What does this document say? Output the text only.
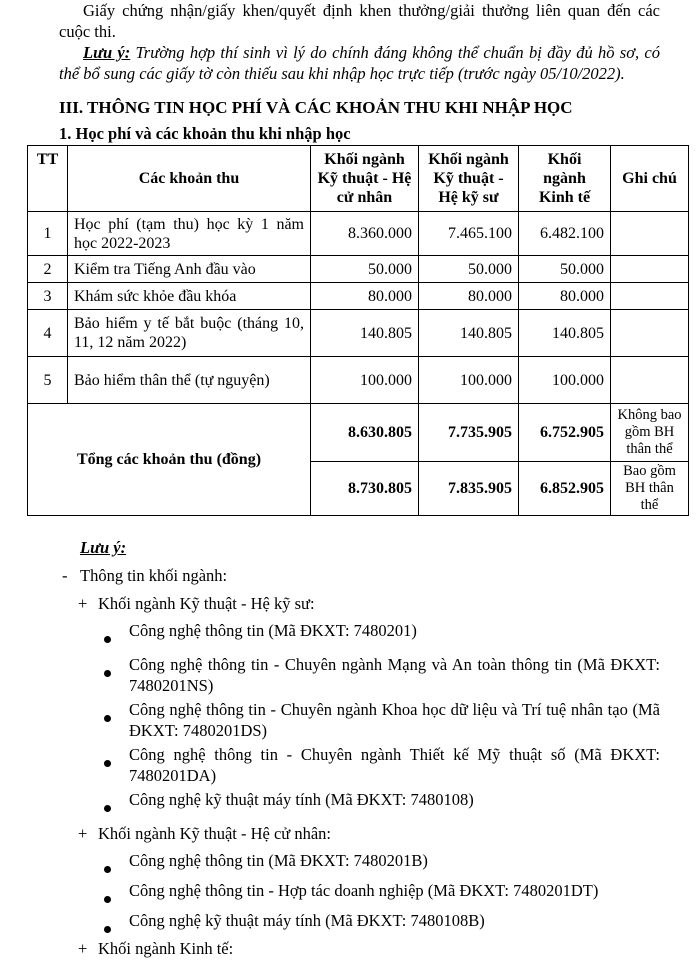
Giấy chứng nhận/giấy khen/quyết định khen thưởng/giải thưởng liên quan đến các cuộc thi.
Lưu ý: Trường hợp thí sinh vì lý do chính đáng không thể chuẩn bị đầy đủ hồ sơ, có thể bổ sung các giấy tờ còn thiếu sau khi nhập học trực tiếp (trước ngày 05/10/2022).
III. THÔNG TIN HỌC PHÍ VÀ CÁC KHOẢN THU KHI NHẬP HỌC
1. Học phí và các khoản thu khi nhập học
TT	Các khoản thu	Khối ngành Kỹ thuật - Hệ cử nhân	Khối ngành Kỹ thuật - Hệ kỹ sư	Khối ngành Kinh tế	Ghi chú
1	Học phí (tạm thu) học kỳ 1 năm học 2022-2023	8.360.000	7.465.100	6.482.100	
2	Kiểm tra Tiếng Anh đầu vào	50.000	50.000	50.000	
3	Khám sức khỏe đầu khóa	80.000	80.000	80.000	
4	Bảo hiểm y tế bắt buộc (tháng 10, 11, 12 năm 2022)	140.805	140.805	140.805	
5	Bảo hiểm thân thể (tự nguyện)	100.000	100.000	100.000	
Tổng các khoản thu (đồng)		8.630.805	7.735.905	6.752.905	Không bao gồm BH thân thể
		8.730.805	7.835.905	6.852.905	Bao gồm BH thân thể
Lưu ý:
- Thông tin khối ngành:
+ Khối ngành Kỹ thuật - Hệ kỹ sư:
Công nghệ thông tin (Mã ĐKXT: 7480201)
Công nghệ thông tin - Chuyên ngành Mạng và An toàn thông tin (Mã ĐKXT: 7480201NS)
Công nghệ thông tin - Chuyên ngành Khoa học dữ liệu và Trí tuệ nhân tạo (Mã ĐKXT: 7480201DS)
Công nghệ thông tin - Chuyên ngành Thiết kế Mỹ thuật số (Mã ĐKXT: 7480201DA)
Công nghệ kỹ thuật máy tính (Mã ĐKXT: 7480108)
+ Khối ngành Kỹ thuật - Hệ cử nhân:
Công nghệ thông tin (Mã ĐKXT: 7480201B)
Công nghệ thông tin - Hợp tác doanh nghiệp (Mã ĐKXT: 7480201DT)
Công nghệ kỹ thuật máy tính (Mã ĐKXT: 7480108B)
+ Khối ngành Kinh tế:
